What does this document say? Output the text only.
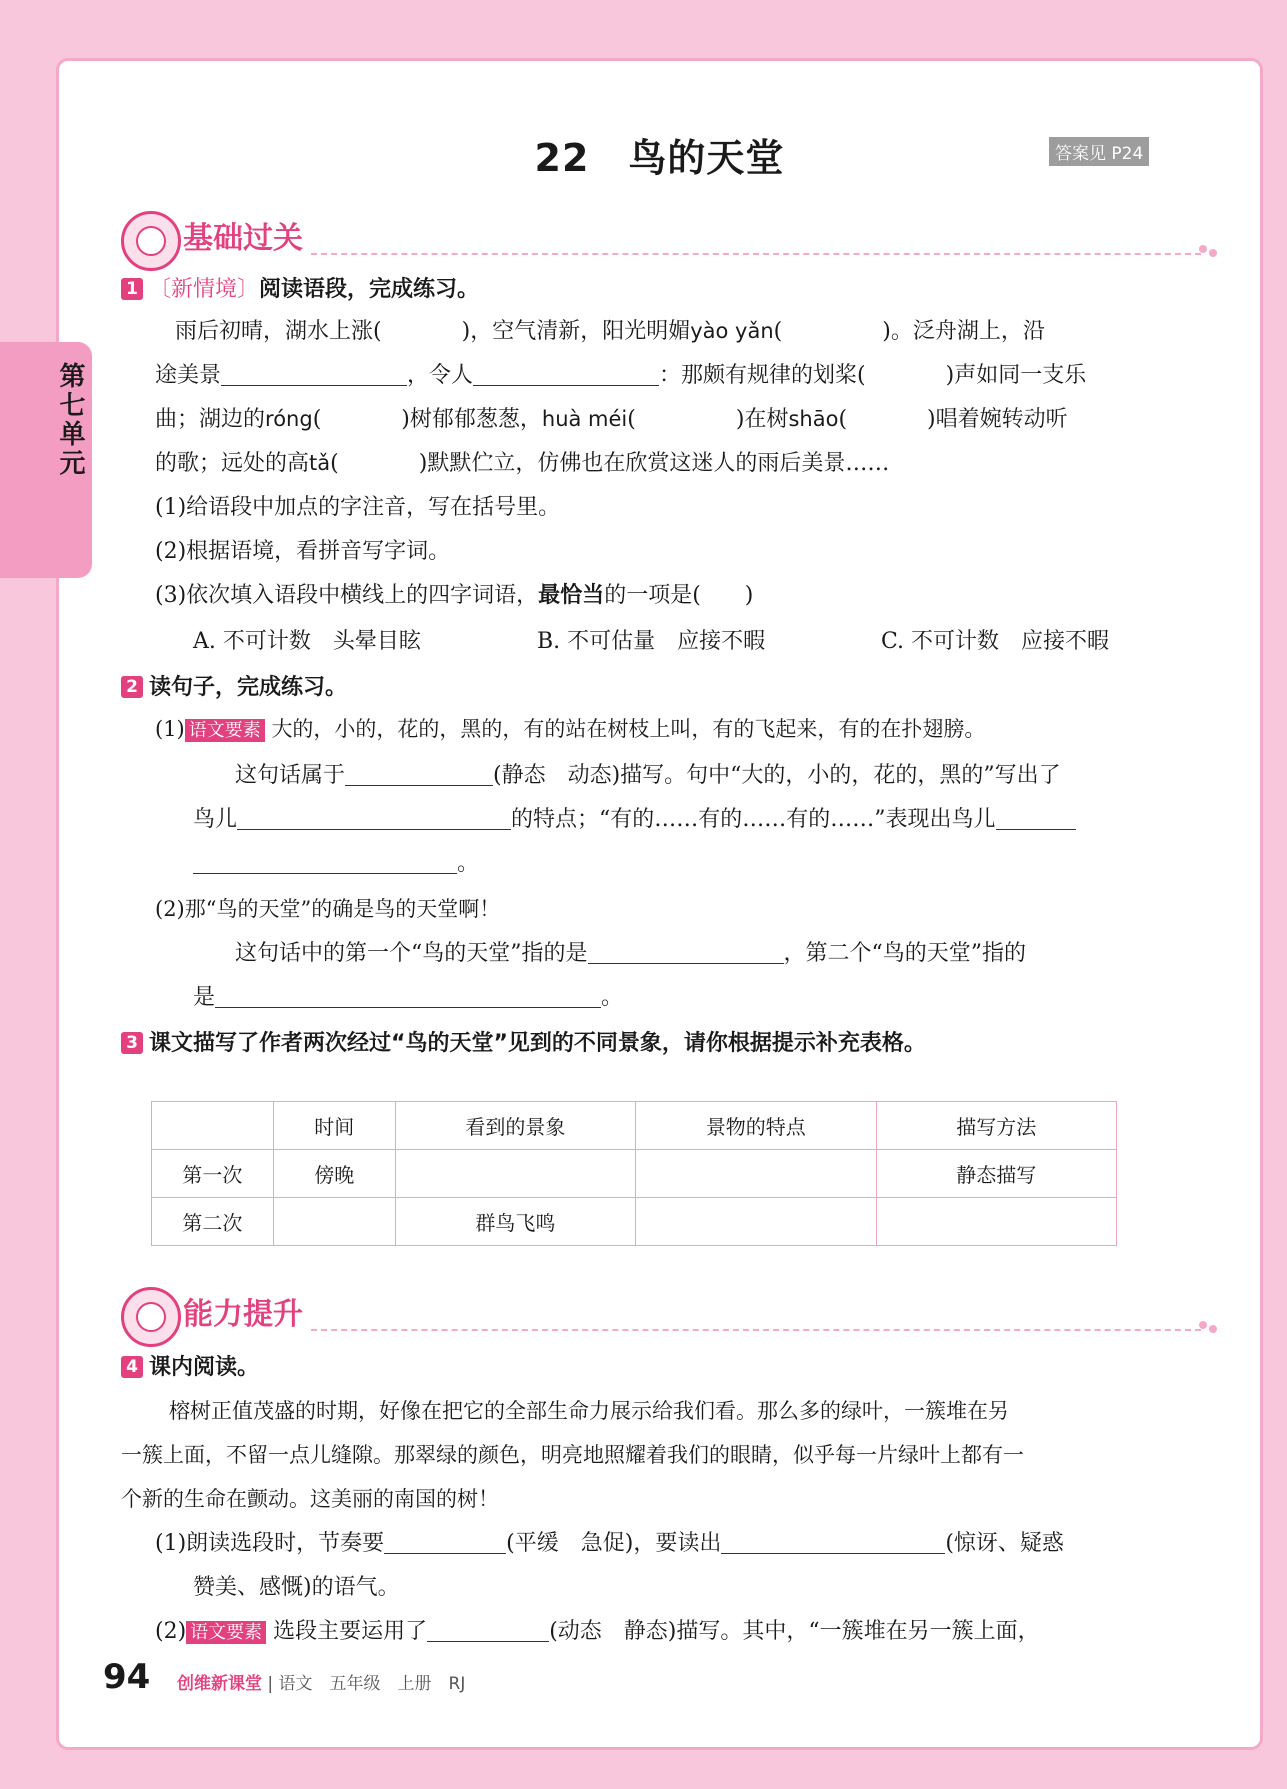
22　鸟的天堂	答案见 P24
基础过关
1 〔新情境〕阅读语段，完成练习。
雨后初晴，湖水上涨(	)，空气清新，阳光明媚yào yǎn(	)。泛舟湖上，沿
途美景	，令人	：那颇有规律的划桨(	)声如同一支乐
曲；湖边的róng(	)树郁郁葱葱，huà méi(	)在树shāo(	)唱着婉转动听
的歌；远处的高tǎ(	)默默伫立，仿佛也在欣赏这迷人的雨后美景……
(1)给语段中加点的字注音，写在括号里。
(2)根据语境，看拼音写字词。
(3)依次填入语段中横线上的四字词语，最恰当的一项是(　　)
A. 不可计数　头晕目眩	B. 不可估量　应接不暇	C. 不可计数　应接不暇
2 读句子，完成练习。
(1) 语文要素 大的，小的，花的，黑的，有的站在树枝上叫，有的飞起来，有的在扑翅膀。
这句话属于	(静态　动态)描写。句中“大的，小的，花的，黑的”写出了
鸟儿	的特点；“有的……有的……有的……”表现出鸟儿
。
(2)那“鸟的天堂”的确是鸟的天堂啊！
这句话中的第一个“鸟的天堂”指的是	，第二个“鸟的天堂”指的
是	。
3 课文描写了作者两次经过“鸟的天堂”见到的不同景象，请你根据提示补充表格。
	时间	看到的景象	景物的特点	描写方法
第一次	傍晚			静态描写
第二次		群鸟飞鸣		
能力提升
4 课内阅读。
榕树正值茂盛的时期，好像在把它的全部生命力展示给我们看。那么多的绿叶，一簇堆在另
一簇上面，不留一点儿缝隙。那翠绿的颜色，明亮地照耀着我们的眼睛，似乎每一片绿叶上都有一
个新的生命在颤动。这美丽的南国的树！
(1)朗读选段时，节奏要	(平缓　急促)，要读出	(惊讶、疑惑
赞美、感慨)的语气。
(2) 语文要素 选段主要运用了	(动态　静态)描写。其中，“一簇堆在另一簇上面，
94 创维新课堂 | 语文　五年级　上册　RJ
第七单元
